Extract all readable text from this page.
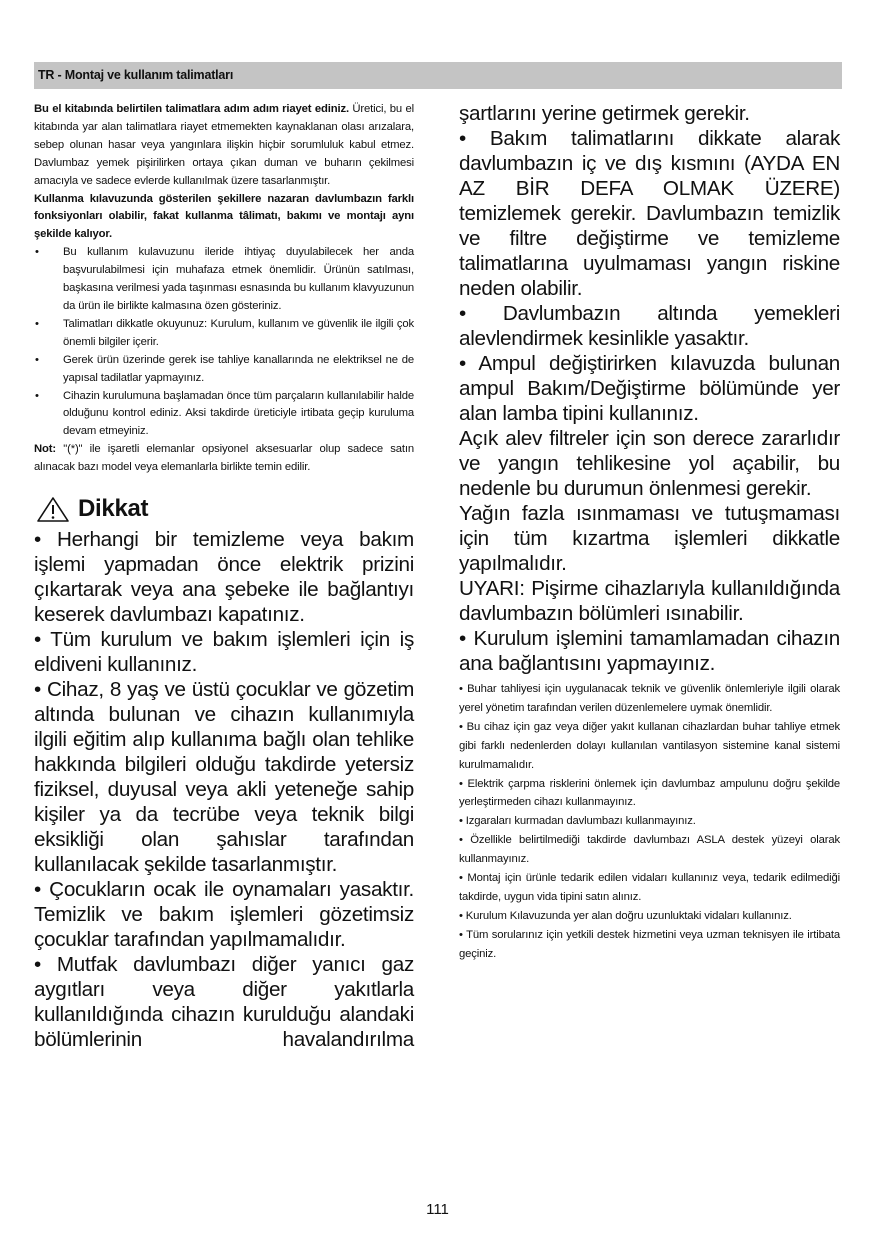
TR - Montaj ve kullanım talimatları

Bu el kitabında belirtilen talimatlara adım adım riayet ediniz. Üretici, bu el kitabında yar alan talimatlara riayet etmemekten kaynaklanan olası arızalara, sebep olunan hasar veya yangınlara ilişkin hiçbir sorumluluk kabul etmez. Davlumbaz yemek pişirilirken ortaya çıkan duman ve buharın çekilmesi amacıyla ve sadece evlerde kullanılmak üzere tasarlanmıştır.

Kullanma kılavuzunda gösterilen şekillere nazaran davlumbazın farklı fonksiyonları olabilir, fakat kullanma tâlimatı, bakımı ve montajı aynı şekilde kalıyor.

• Bu kullanım kulavuzunu ileride ihtiyaç duyulabilecek her anda başvurulabilmesi için muhafaza etmek önemlidir. Ürünün satılması, başkasına verilmesi yada taşınması esnasında bu kullanım klavyuzunun da ürün ile birlikte kalmasına özen gösteriniz.
• Talimatları dikkatle okuyunuz: Kurulum, kullanım ve güvenlik ile ilgili çok önemli bilgiler içerir.
• Gerek ürün üzerinde gerek ise tahliye kanallarında ne elektriksel ne de yapısal tadilatlar yapmayınız.
• Cihazin kurulumuna başlamadan önce tüm parçaların kullanılabilir halde olduğunu kontrol ediniz. Aksi takdirde üreticiyle irtibata geçip kuruluma devam etmeyiniz.

Not: "(*)" ile işaretli elemanlar opsiyonel aksesuarlar olup sadece satın alınacak bazı model veya elemanlarla birlikte temin edilir.

Dikkat

• Herhangi bir temizleme veya bakım işlemi yapmadan önce elektrik prizini çıkartarak veya ana şebeke ile bağlantıyı keserek davlumbazı kapatınız.

• Tüm kurulum ve bakım işlemleri için iş eldiveni kullanınız.

• Cihaz, 8 yaş ve üstü çocuklar ve gözetim altında bulunan ve cihazın kullanımıyla ilgili eğitim alıp kullanıma bağlı olan tehlike hakkında bilgileri olduğu takdirde yetersiz fiziksel, duyusal veya akli yeteneğe sahip kişiler ya da tecrübe veya teknik bilgi eksikliği olan şahıslar tarafından kullanılacak şekilde tasarlanmıştır.

• Çocukların ocak ile oynamaları yasaktır. Temizlik ve bakım işlemleri gözetimsiz çocuklar tarafından yapılmamalıdır.

• Mutfak davlumbazı diğer yanıcı gaz aygıtları veya diğer yakıtlarla kullanıldığında cihazın kurulduğu alandaki bölümlerinin havalandırılma

şartlarını yerine getirmek gerekir.

• Bakım talimatlarını dikkate alarak davlumbazın iç ve dış kısmını (AYDA EN AZ BİR DEFA OLMAK ÜZERE) temizlemek gerekir. Davlumbazın temizlik ve filtre değiştirme ve temizleme talimatlarına uyulmaması yangın riskine neden olabilir.

• Davlumbazın altında yemekleri alevlendirmek kesinlikle yasaktır.

• Ampul değiştirirken kılavuzda bulunan ampul Bakım/Değiştirme bölümünde yer alan lamba tipini kullanınız.

Açık alev filtreler için son derece zararlıdır ve yangın tehlikesine yol açabilir, bu nedenle bu durumun önlenmesi gerekir.

Yağın fazla ısınmaması ve tutuşmaması için tüm kızartma işlemleri dikkatle yapılmalıdır.

UYARI: Pişirme cihazlarıyla kullanıldığında davlumbazın bölümleri ısınabilir.

• Kurulum işlemini tamamlamadan cihazın ana bağlantısını yapmayınız.

• Buhar tahliyesi için uygulanacak teknik ve güvenlik önlemleriyle ilgili olarak yerel yönetim tarafından verilen düzenlemelere uymak önemlidir.

• Bu cihaz için gaz veya diğer yakıt kullanan cihazlardan buhar tahliye etmek gibi farklı nedenlerden dolayı kullanılan vantilasyon sistemine kanal sistemi kurulmamalıdır.

• Elektrik çarpma risklerini önlemek için davlumbaz ampulunu doğru şekilde yerleştirmeden cihazı kullanmayınız.

• Izgaraları kurmadan davlumbazı kullanmayınız.

• Özellikle belirtilmediği takdirde davlumbazı ASLA destek yüzeyi olarak kullanmayınız.

• Montaj için ürünle tedarik edilen vidaları kullanınız veya, tedarik edilmediği takdirde, uygun vida tipini satın alınız.

• Kurulum Kılavuzunda yer alan doğru uzunluktaki vidaları kullanınız.

• Tüm sorularınız için yetkili destek hizmetini veya uzman teknisyen ile irtibata geçiniz.

111
